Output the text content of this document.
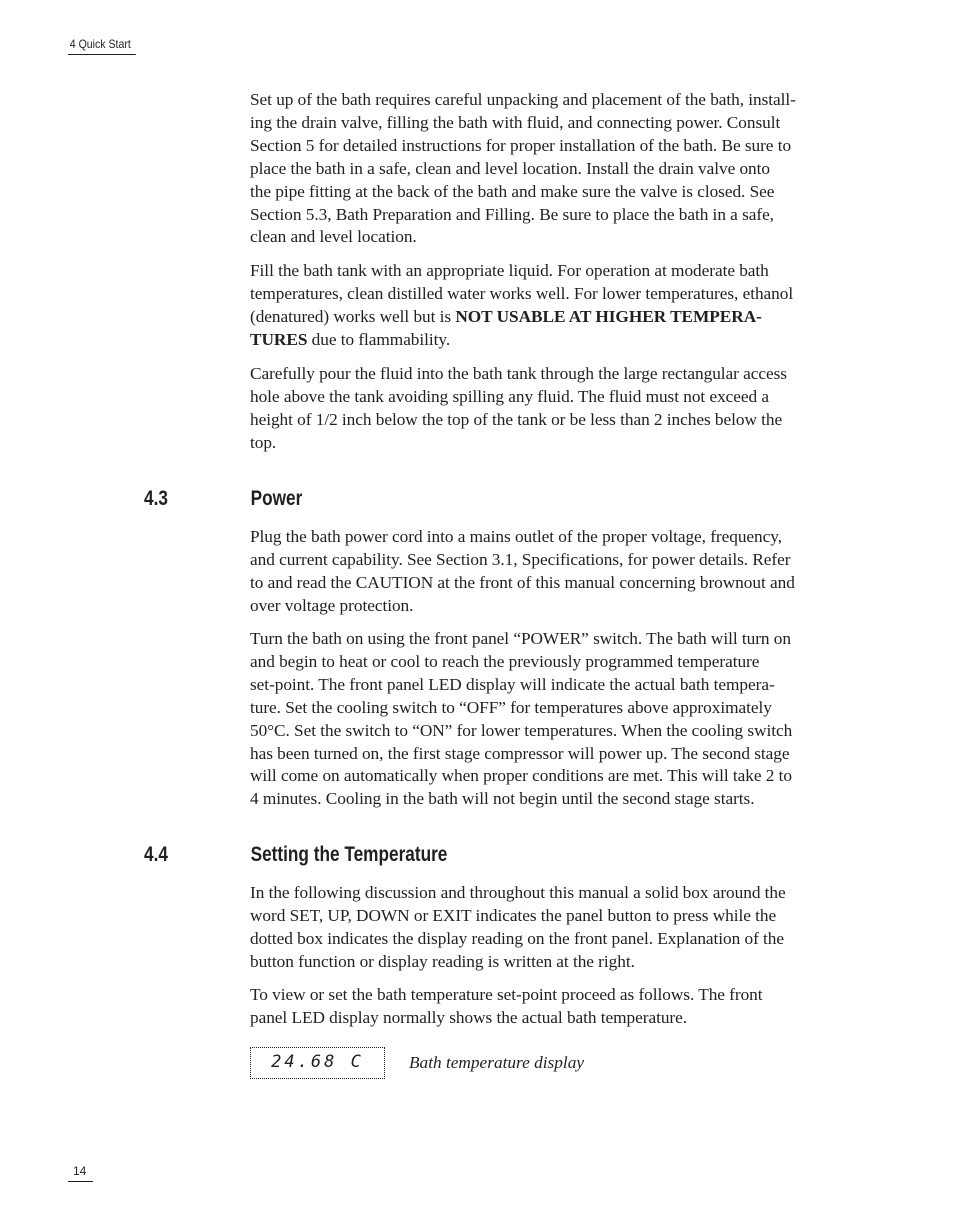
4 Quick Start

Set up of the bath requires careful unpacking and placement of the bath, install-
ing the drain valve, filling the bath with fluid, and connecting power. Consult
Section 5 for detailed instructions for proper installation of the bath. Be sure to
place the bath in a safe, clean and level location. Install the drain valve onto
the pipe fitting at the back of the bath and make sure the valve is closed. See
Section 5.3, Bath Preparation and Filling. Be sure to place the bath in a safe,
clean and level location.

Fill the bath tank with an appropriate liquid. For operation at moderate bath
temperatures, clean distilled water works well. For lower temperatures, ethanol
(denatured) works well but is NOT USABLE AT HIGHER TEMPERA-
TURES due to flammability.

Carefully pour the fluid into the bath tank through the large rectangular access
hole above the tank avoiding spilling any fluid. The fluid must not exceed a
height of 1/2 inch below the top of the tank or be less than 2 inches below the
top.

4.3	Power

Plug the bath power cord into a mains outlet of the proper voltage, frequency,
and current capability. See Section 3.1, Specifications, for power details. Refer
to and read the CAUTION at the front of this manual concerning brownout and
over voltage protection.

Turn the bath on using the front panel “POWER” switch. The bath will turn on
and begin to heat or cool to reach the previously programmed temperature
set-point. The front panel LED display will indicate the actual bath tempera-
ture. Set the cooling switch to “OFF” for temperatures above approximately
50°C. Set the switch to “ON” for lower temperatures. When the cooling switch
has been turned on, the first stage compressor will power up. The second stage
will come on automatically when proper conditions are met. This will take 2 to
4 minutes. Cooling in the bath will not begin until the second stage starts.

4.4	Setting the Temperature

In the following discussion and throughout this manual a solid box around the
word SET, UP, DOWN or EXIT indicates the panel button to press while the
dotted box indicates the display reading on the front panel. Explanation of the
button function or display reading is written at the right.

To view or set the bath temperature set-point proceed as follows. The front
panel LED display normally shows the actual bath temperature.

24.68 C	Bath temperature display
14
